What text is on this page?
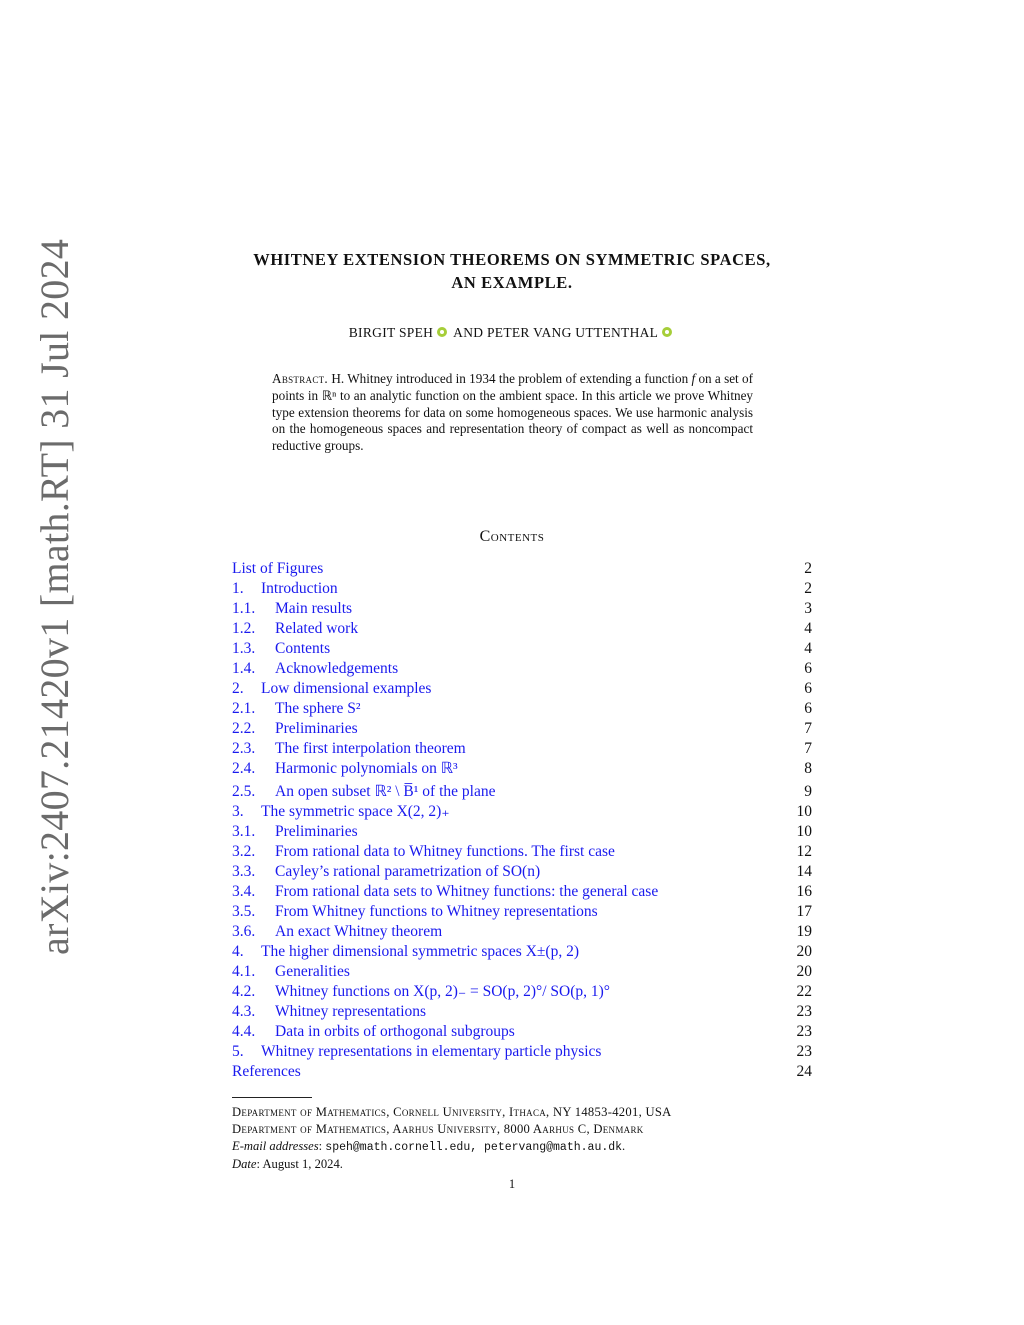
arXiv:2407.21420v1 [math.RT] 31 Jul 2024	WHITNEY EXTENSION THEOREMS ON SYMMETRIC SPACES,
AN EXAMPLE.
BIRGIT SPEH AND PETER VANG UTTENTHAL
Abstract. H. Whitney introduced in 1934 the problem of extending a function f on a set of points in ℝⁿ to an analytic function on the ambient space. In this article we prove Whitney type extension theorems for data on some homogeneous spaces. We use harmonic analysis on the homogeneous spaces and representation theory of compact as well as noncompact reductive groups.
Contents
List of Figures	2
1. Introduction	2
1.1. Main results	3
1.2. Related work	4
1.3. Contents	4
1.4. Acknowledgements	6
2. Low dimensional examples	6
2.1. The sphere S²	6
2.2. Preliminaries	7
2.3. The first interpolation theorem	7
2.4. Harmonic polynomials on ℝ³	8
2.5. An open subset ℝ² \ B̅¹ of the plane	9
3. The symmetric space X(2, 2)₊	10
3.1. Preliminaries	10
3.2. From rational data to Whitney functions. The first case	12
3.3. Cayley’s rational parametrization of SO(n)	14
3.4. From rational data sets to Whitney functions: the general case	16
3.5. From Whitney functions to Whitney representations	17
3.6. An exact Whitney theorem	19
4. The higher dimensional symmetric spaces X±(p, 2)	20
4.1. Generalities	20
4.2. Whitney functions on X(p, 2)₋ = SO(p, 2)°/ SO(p, 1)°	22
4.3. Whitney representations	23
4.4. Data in orbits of orthogonal subgroups	23
5. Whitney representations in elementary particle physics	23
References	24
Department of Mathematics, Cornell University, Ithaca, NY 14853-4201, USA
Department of Mathematics, Aarhus University, 8000 Aarhus C, Denmark
E-mail addresses: speh@math.cornell.edu, petervang@math.au.dk.
Date: August 1, 2024.
1
